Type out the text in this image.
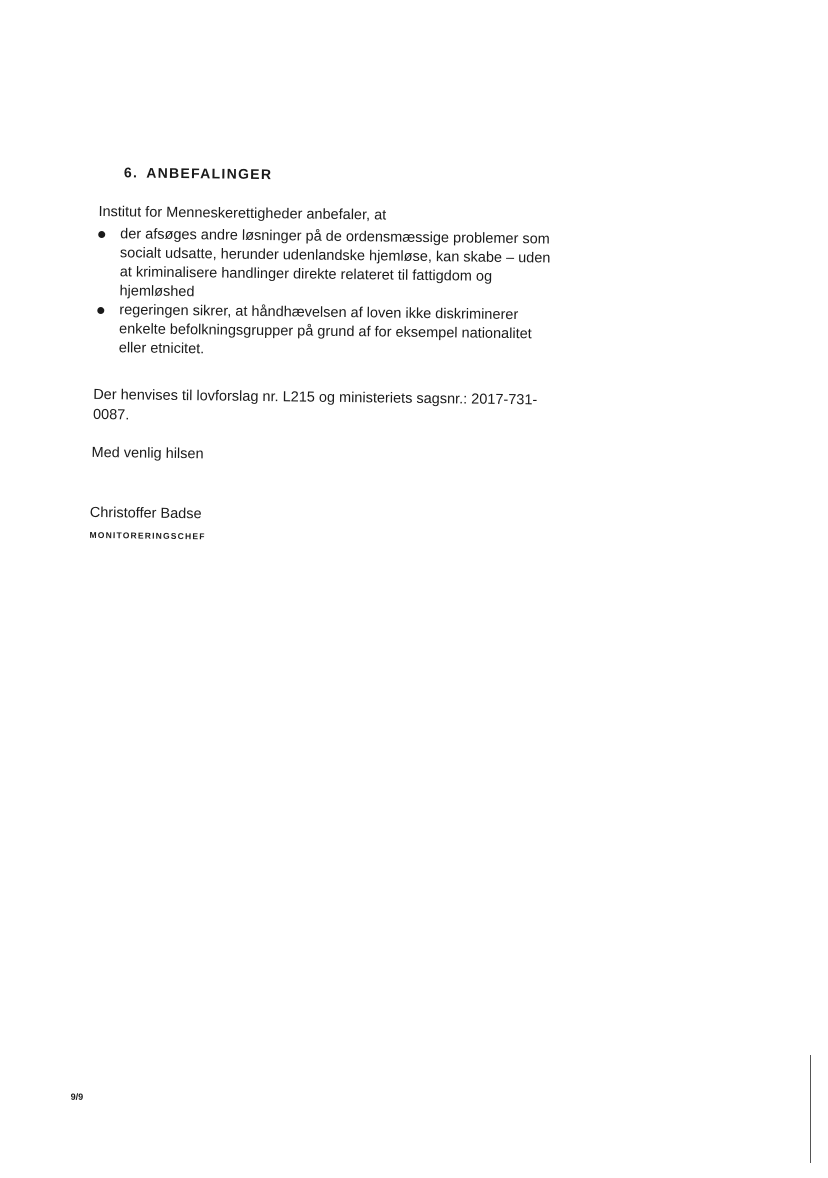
6. ANBEFALINGER

Institut for Menneskerettigheder anbefaler, at

der afsøges andre løsninger på de ordensmæssige problemer som
socialt udsatte, herunder udenlandske hjemløse, kan skabe – uden
at kriminalisere handlinger direkte relateret til fattigdom og
hjemløshed
regeringen sikrer, at håndhævelsen af loven ikke diskriminerer
enkelte befolkningsgrupper på grund af for eksempel nationalitet
eller etnicitet.

Der henvises til lovforslag nr. L215 og ministeriets sagsnr.: 2017-731-
0087.

Med venlig hilsen

Christoffer Badse

MONITORERINGSCHEF

9/9
